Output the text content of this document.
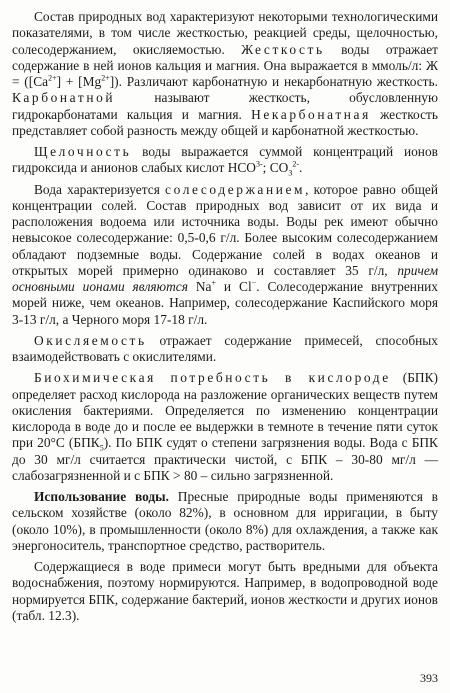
Состав природных вод характеризуют некоторыми технологическими показателями, в том числе жесткостью, реакцией среды, щелочностью, солесодержанием, окисляемостью. Жесткость воды отражает содержание в ней ионов кальция и магния. Она выражается в ммоль/л: $Ж = ([Ca^{2+}] + [Mg^{2+}])$. Различают карбонатную и некарбонатную жесткость. Карбонатной называют жесткость, обусловленную гидрокарбонатами кальция и магния. Некарбонатная жесткость представляет собой разность между общей и карбонатной жесткостью.

Щелочность воды выражается суммой концентраций ионов гидроксида и анионов слабых кислот $НСО^{3-}$; $СО_3^{2-}$.

Вода характеризуется солесодержанием, которое равно общей концентрации солей. Состав природных вод зависит от их вида и расположения водоема или источника воды. Воды рек имеют обычно невысокое солесодержание: 0,5-0,6 г/л. Более высоким солесодержанием обладают подземные воды. Содержание солей в водах океанов и открытых морей примерно одинаково и составляет 35 г/л, причем основными ионами являются Na+ и Cl−. Солесодержание внутренних морей ниже, чем океанов. Например, солесодержание Каспийского моря 3-13 г/л, а Черного моря 17-18 г/л.

Окисляемость отражает содержание примесей, способных взаимодействовать с окислителями.

Биохимическая потребность в кислороде (БПК) определяет расход кислорода на разложение органических веществ путем окисления бактериями. Определяется по изменению концентрации кислорода в воде до и после ее выдержки в темноте в течение пяти суток при 20°С $(БПК_5)$. По БПК судят о степени загрязнения воды. Вода с БПК до 30 мг/л считается практически чистой, с БПК – 30-80 мг/л — слабозагрязненной и с БПК > 80 – сильно загрязненной.

Использование воды. Пресные природные воды применяются в сельском хозяйстве (около 82%), в основном для ирригации, в быту (около 10%), в промышленности (около 8%) для охлаждения, а также как энергоноситель, транспортное средство, растворитель.

Содержащиеся в воде примеси могут быть вредными для объекта водоснабжения, поэтому нормируются. Например, в водопроводной воде нормируется БПК, содержание бактерий, ионов жесткости и других ионов (табл. 12.3).

393
